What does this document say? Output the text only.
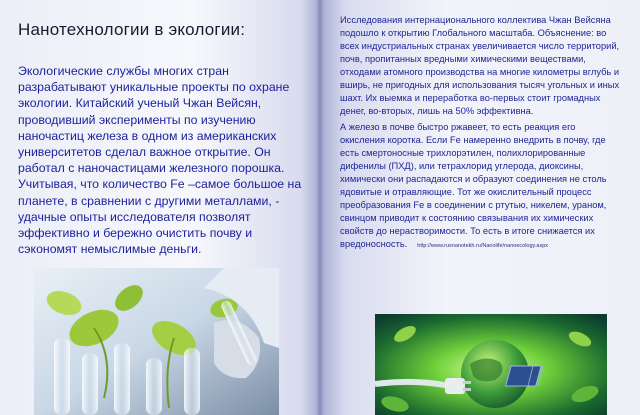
Нанотехнологии в экологии:
Экологические службы многих стран разрабатывают уникальные проекты по охране экологии. Китайский ученый Чжан Вейсян, проводивший эксперименты по изучению наночастиц железа в одном из американских университетов сделал важное открытие. Он работал с наночастицами железного порошка. Учитывая, что количество Fe –самое большое на планете, в сравнении с другими металлами, - удачные опыты исследователя позволят эффективно и бережно очистить почву и сэкономят немыслимые деньги.

Исследования интернационального коллектива Чжан Вейсяна подошло к открытию Глобального масштаба. Объяснение: во всех индустриальных странах увеличивается число территорий, почв, пропитанных вредными химическими веществами, отходами атомного производства на многие километры вглубь и вширь, не пригодных для использования тысяч угольных и иных шахт. Их выемка и переработка во-первых стоит громадных денег, во-вторых, лишь на 50% эффективна.

А железо в почве быстро ржавеет, то есть реакция его окисления коротка. Если Fe намеренно внедрить в почву, где есть смертоносные трихлорэтилен, полихлорированные дифенилы (ПХД), или тетрахлорид углерода, диоксины, химически они распадаются и образуют соединения не столь ядовитые и отравляющие. Тот же окислительный процесс преобразования Fe в соединении с ртутью, никелем, ураном, свинцом приводит к состоянию связывания их химических свойств до нерастворимости. То есть в итоге снижается их вредоносность. http://www.rusnanotekh.ru/Nanolife/nanoecology.aspx
